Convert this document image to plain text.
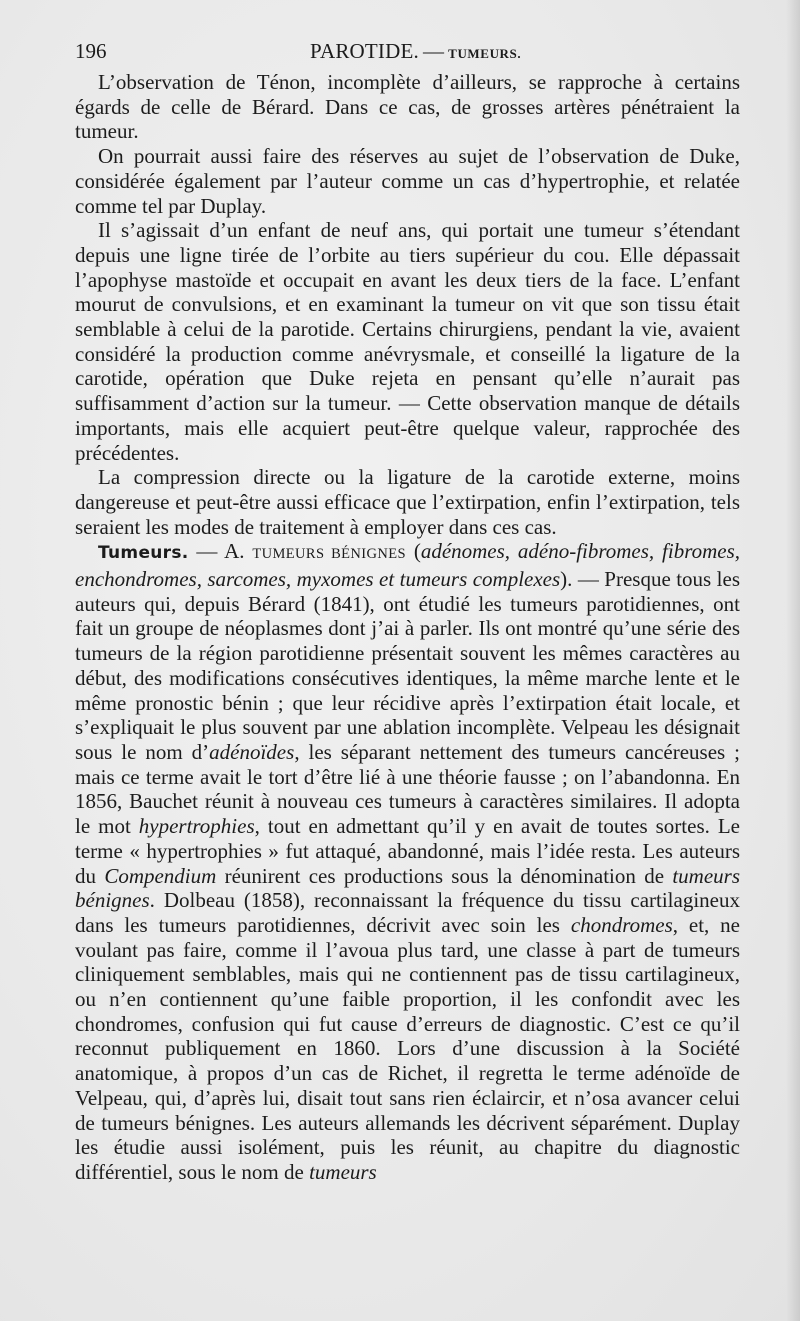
196	PAROTIDE. — TUMEURS.

L’observation de Ténon, incomplète d’ailleurs, se rapproche à certains égards de celle de Bérard. Dans ce cas, de grosses artères pénétraient la tumeur.

On pourrait aussi faire des réserves au sujet de l’observation de Duke, considérée également par l’auteur comme un cas d’hypertrophie, et relatée comme tel par Duplay.

Il s’agissait d’un enfant de neuf ans, qui portait une tumeur s’étendant depuis une ligne tirée de l’orbite au tiers supérieur du cou. Elle dépassait l’apophyse mastoïde et occupait en avant les deux tiers de la face. L’enfant mourut de convulsions, et en examinant la tumeur on vit que son tissu était semblable à celui de la parotide. Certains chirurgiens, pendant la vie, avaient considéré la production comme anévrysmale, et conseillé la ligature de la carotide, opération que Duke rejeta en pensant qu’elle n’aurait pas suffisamment d’action sur la tumeur. — Cette observation manque de détails importants, mais elle acquiert peut-être quelque valeur, rapprochée des précédentes.

La compression directe ou la ligature de la carotide externe, moins dangereuse et peut-être aussi efficace que l’extirpation, enfin l’extirpation, tels seraient les modes de traitement à employer dans ces cas.

Tumeurs. — A. TUMEURS BÉNIGNES (adénomes, adéno-fibromes, fibromes, enchondromes, sarcomes, myxomes et tumeurs complexes). — Presque tous les auteurs qui, depuis Bérard (1841), ont étudié les tumeurs parotidiennes, ont fait un groupe de néoplasmes dont j’ai à parler. Ils ont montré qu’une série des tumeurs de la région parotidienne présentait souvent les mêmes caractères au début, des modifications consécutives identiques, la même marche lente et le même pronostic bénin ; que leur récidive après l’extirpation était locale, et s’expliquait le plus souvent par une ablation incomplète. Velpeau les désignait sous le nom d’adénoïdes, les séparant nettement des tumeurs cancéreuses ; mais ce terme avait le tort d’être lié à une théorie fausse ; on l’abandonna. En 1856, Bauchet réunit à nouveau ces tumeurs à caractères similaires. Il adopta le mot hypertrophies, tout en admettant qu’il y en avait de toutes sortes. Le terme « hypertrophies » fut attaqué, abandonné, mais l’idée resta. Les auteurs du Compendium réunirent ces productions sous la dénomination de tumeurs bénignes. Dolbeau (1858), reconnaissant la fréquence du tissu cartilagineux dans les tumeurs parotidiennes, décrivit avec soin les chondromes, et, ne voulant pas faire, comme il l’avoua plus tard, une classe à part de tumeurs cliniquement semblables, mais qui ne contiennent pas de tissu cartilagineux, ou n’en contiennent qu’une faible proportion, il les confondit avec les chondromes, confusion qui fut cause d’erreurs de diagnostic. C’est ce qu’il reconnut publiquement en 1860. Lors d’une discussion à la Société anatomique, à propos d’un cas de Richet, il regretta le terme adénoïde de Velpeau, qui, d’après lui, disait tout sans rien éclaircir, et n’osa avancer celui de tumeurs bénignes. Les auteurs allemands les décrivent séparément. Duplay les étudie aussi isolément, puis les réunit, au chapitre du diagnostic différentiel, sous le nom de tumeurs
